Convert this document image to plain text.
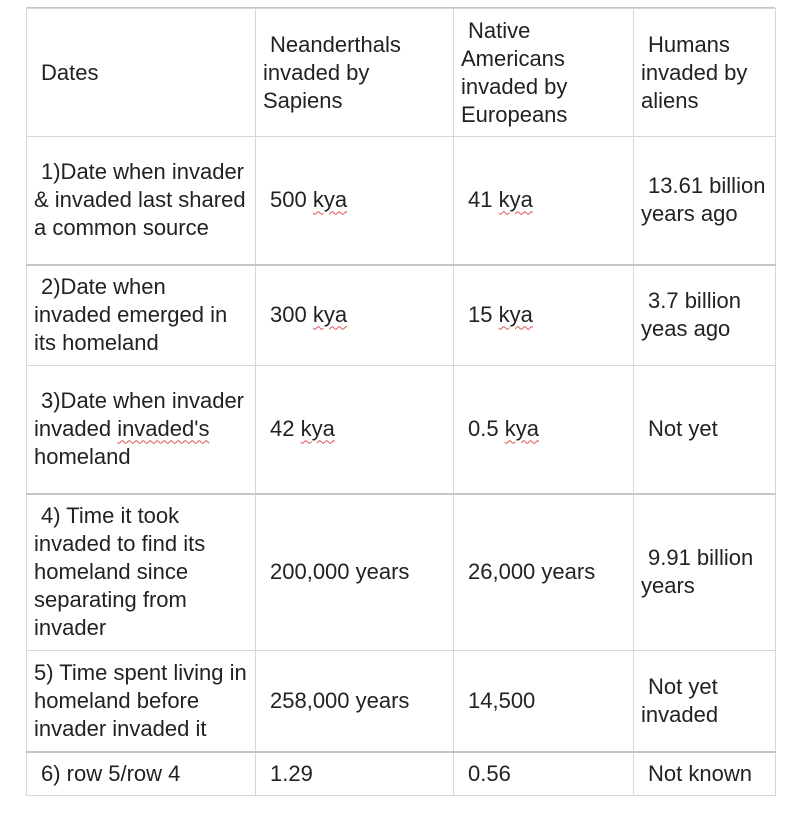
Dates	Neanderthals invaded by Sapiens	Native Americans invaded by Europeans	Humans invaded by aliens
1)Date when invader & invaded last shared a common source	500 kya	41 kya	13.61 billion years ago
2)Date when invaded emerged in its homeland	300 kya	15 kya	3.7 billion yeas ago
3)Date when invader invaded invaded's homeland	42 kya	0.5 kya	Not yet
4) Time it took invaded to find its homeland since separating from invader	200,000 years	26,000 years	9.91 billion years
5) Time spent living in homeland before invader invaded it	258,000 years	14,500	Not yet invaded
6) row 5/row 4	1.29	0.56	Not known
